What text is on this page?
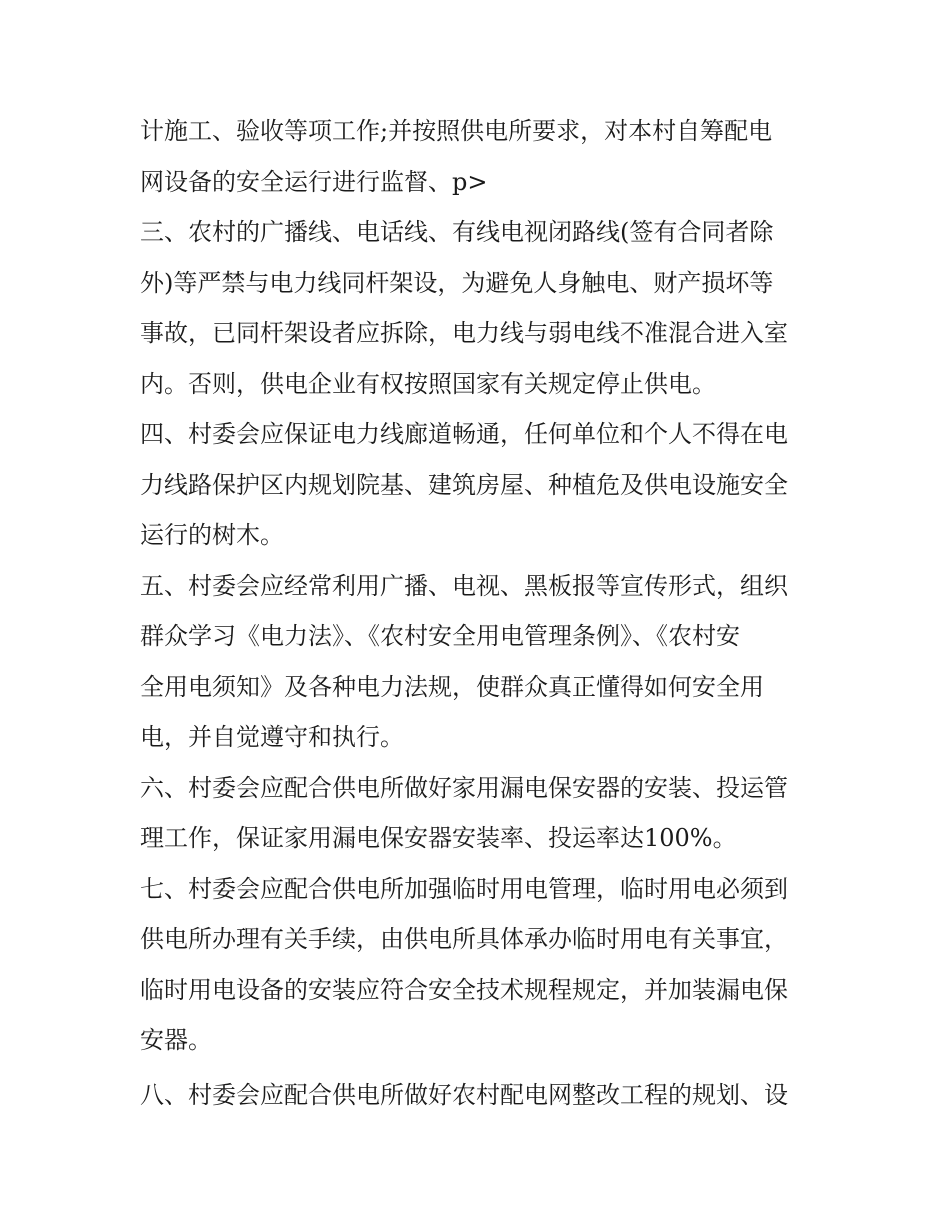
计施工、验收等项工作;并按照供电所要求，对本村自筹配电
网设备的安全运行进行监督、p>
三、农村的广播线、电话线、有线电视闭路线(签有合同者除
外)等严禁与电力线同杆架设，为避免人身触电、财产损坏等
事故，已同杆架设者应拆除，电力线与弱电线不准混合进入室
内。否则，供电企业有权按照国家有关规定停止供电。
四、村委会应保证电力线廊道畅通，任何单位和个人不得在电
力线路保护区内规划院基、建筑房屋、种植危及供电设施安全
运行的树木。
五、村委会应经常利用广播、电视、黑板报等宣传形式，组织
群众学习《电力法》、《农村安全用电管理条例》、《农村安
全用电须知》及各种电力法规，使群众真正懂得如何安全用
电，并自觉遵守和执行。
六、村委会应配合供电所做好家用漏电保安器的安装、投运管
理工作，保证家用漏电保安器安装率、投运率达100%。
七、村委会应配合供电所加强临时用电管理，临时用电必须到
供电所办理有关手续，由供电所具体承办临时用电有关事宜，
临时用电设备的安装应符合安全技术规程规定，并加装漏电保
安器。
八、村委会应配合供电所做好农村配电网整改工程的规划、设
